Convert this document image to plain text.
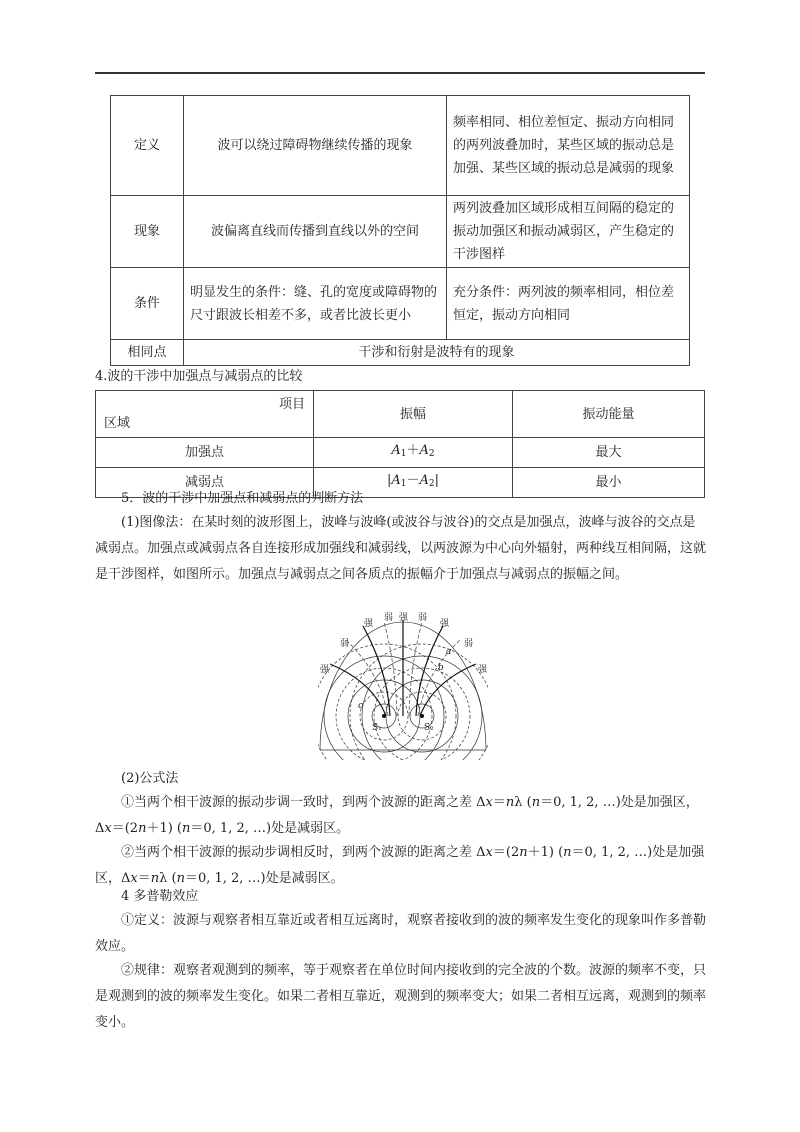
定义	波可以绕过障碍物继续传播的现象	频率相同、相位差恒定、振动方向相同的两列波叠加时，某些区域的振动总是加强、某些区域的振动总是减弱的现象
现象	波偏离直线而传播到直线以外的空间	两列波叠加区域形成相互间隔的稳定的振动加强区和振动减弱区，产生稳定的干涉图样
条件	明显发生的条件：缝、孔的宽度或障碍物的尺寸跟波长相差不多，或者比波长更小	充分条件：两列波的频率相同，相位差恒定，振动方向相同
相同点	干涉和衍射是波特有的现象	

4.波的干涉中加强点与减弱点的比较

项目
区域	振幅	振动能量
加强点	$A_1+A_2$	最大
减弱点	$|A_1-A_2|$	最小

5．波的干涉中加强点和减弱点的判断方法

(1)图像法：在某时刻的波形图上，波峰与波峰(或波谷与波谷)的交点是加强点，波峰与波谷的交点是减弱点。加强点或减弱点各自连接形成加强线和减弱线，以两波源为中心向外辐射，两种线互相间隔，这就是干涉图样，如图所示。加强点与减弱点之间各质点的振幅介于加强点与减弱点的振幅之间。

强
弱
强
弱 强 弱
强
弱
强
S₁	S₂
a
b
c

(2)公式法

①当两个相干波源的振动步调一致时，到两个波源的距离之差 Δx＝nλ (n＝0, 1, 2, …)处是加强区，Δx＝(2n＋1) (n＝0, 1, 2, …)处是减弱区。

②当两个相干波源的振动步调相反时，到两个波源的距离之差 Δx＝(2n＋1) (n＝0, 1, 2, …)处是加强区，Δx＝nλ (n＝0, 1, 2, …)处是减弱区。

4 多普勒效应

①定义：波源与观察者相互靠近或者相互远离时，观察者接收到的波的频率发生变化的现象叫作多普勒效应。

②规律：观察者观测到的频率，等于观察者在单位时间内接收到的完全波的个数。波源的频率不变，只是观测到的波的频率发生变化。如果二者相互靠近，观测到的频率变大；如果二者相互远离，观测到的频率变小。
